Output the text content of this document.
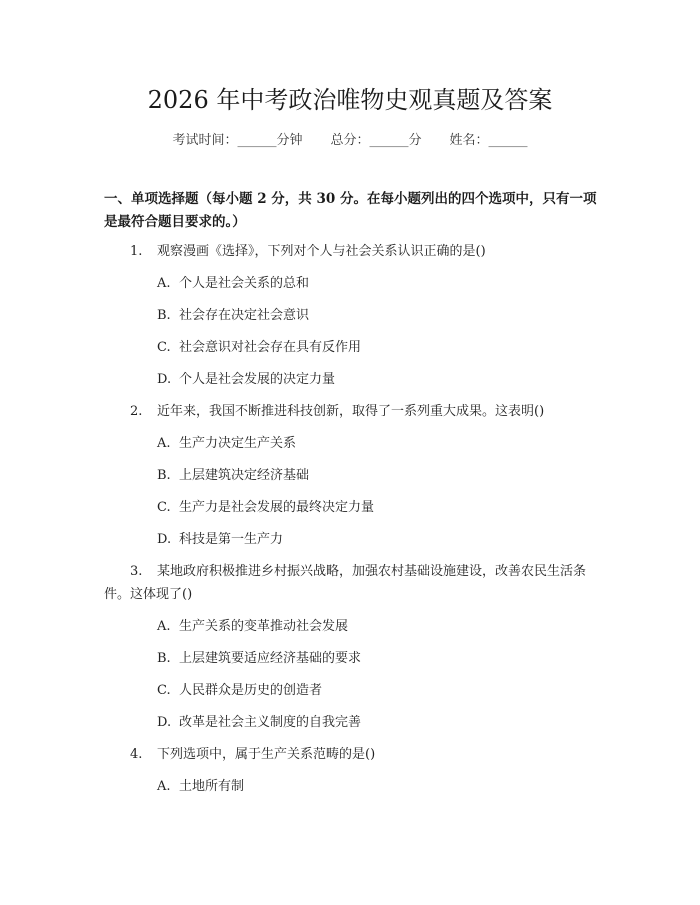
2026 年中考政治唯物史观真题及答案
考试时间：______分钟 总分：______分 姓名：______
一、单项选择题（每小题 2 分，共 30 分。在每小题列出的四个选项中，只有一项是最符合题目要求的。）
1. 观察漫画《选择》，下列对个人与社会关系认识正确的是()
A. 个人是社会关系的总和
B. 社会存在决定社会意识
C. 社会意识对社会存在具有反作用
D. 个人是社会发展的决定力量
2. 近年来，我国不断推进科技创新，取得了一系列重大成果。这表明()
A. 生产力决定生产关系
B. 上层建筑决定经济基础
C. 生产力是社会发展的最终决定力量
D. 科技是第一生产力
3. 某地政府积极推进乡村振兴战略，加强农村基础设施建设，改善农民生活条件。这体现了()
A. 生产关系的变革推动社会发展
B. 上层建筑要适应经济基础的要求
C. 人民群众是历史的创造者
D. 改革是社会主义制度的自我完善
4. 下列选项中，属于生产关系范畴的是()
A. 土地所有制
